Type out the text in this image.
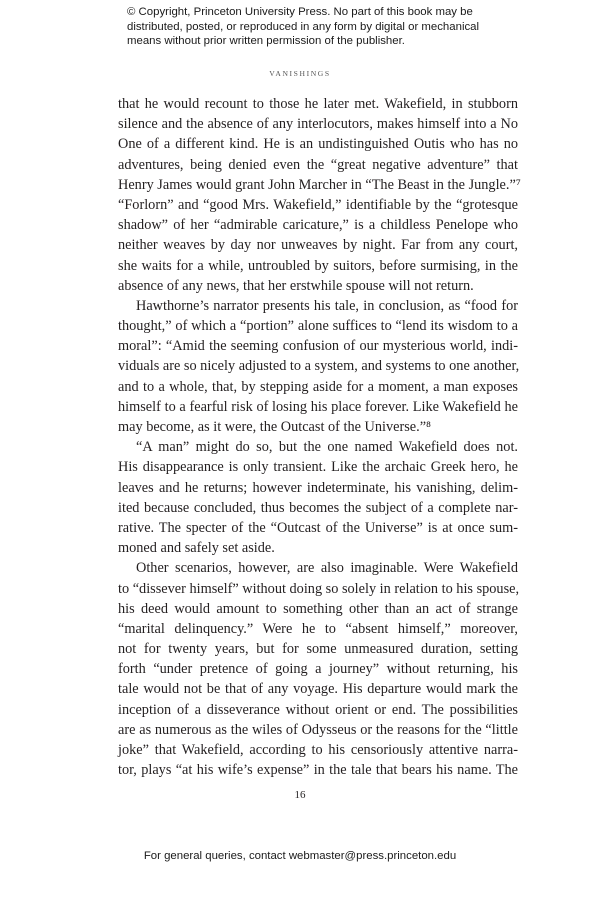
© Copyright, Princeton University Press. No part of this book may be
distributed, posted, or reproduced in any form by digital or mechanical
means without prior written permission of the publisher.
VANISHINGS
that he would recount to those he later met. Wakefield, in stubborn
silence and the absence of any interlocutors, makes himself into a No
One of a different kind. He is an undistinguished Outis who has no
adventures, being denied even the “great negative adventure” that
Henry James would grant John Marcher in “The Beast in the Jungle.”⁷
“Forlorn” and “good Mrs. Wakefield,” identifiable by the “grotesque
shadow” of her “admirable caricature,” is a childless Penelope who
neither weaves by day nor unweaves by night. Far from any court,
she waits for a while, untroubled by suitors, before surmising, in the
absence of any news, that her erstwhile spouse will not return.
Hawthorne’s narrator presents his tale, in conclusion, as “food for
thought,” of which a “portion” alone suffices to “lend its wisdom to a
moral”: “Amid the seeming confusion of our mysterious world, indi-
viduals are so nicely adjusted to a system, and systems to one another,
and to a whole, that, by stepping aside for a moment, a man exposes
himself to a fearful risk of losing his place forever. Like Wakefield he
may become, as it were, the Outcast of the Universe.”⁸
“A man” might do so, but the one named Wakefield does not.
His disappearance is only transient. Like the archaic Greek hero, he
leaves and he returns; however indeterminate, his vanishing, delim-
ited because concluded, thus becomes the subject of a complete nar-
rative. The specter of the “Outcast of the Universe” is at once sum-
moned and safely set aside.
Other scenarios, however, are also imaginable. Were Wakefield
to “dissever himself” without doing so solely in relation to his spouse,
his deed would amount to something other than an act of strange
“marital delinquency.” Were he to “absent himself,” moreover,
not for twenty years, but for some unmeasured duration, setting
forth “under pretence of going a journey” without returning, his
tale would not be that of any voyage. His departure would mark the
inception of a disseverance without orient or end. The possibilities
are as numerous as the wiles of Odysseus or the reasons for the “little
joke” that Wakefield, according to his censoriously attentive narra-
tor, plays “at his wife’s expense” in the tale that bears his name. The
16
For general queries, contact webmaster@press.princeton.edu
